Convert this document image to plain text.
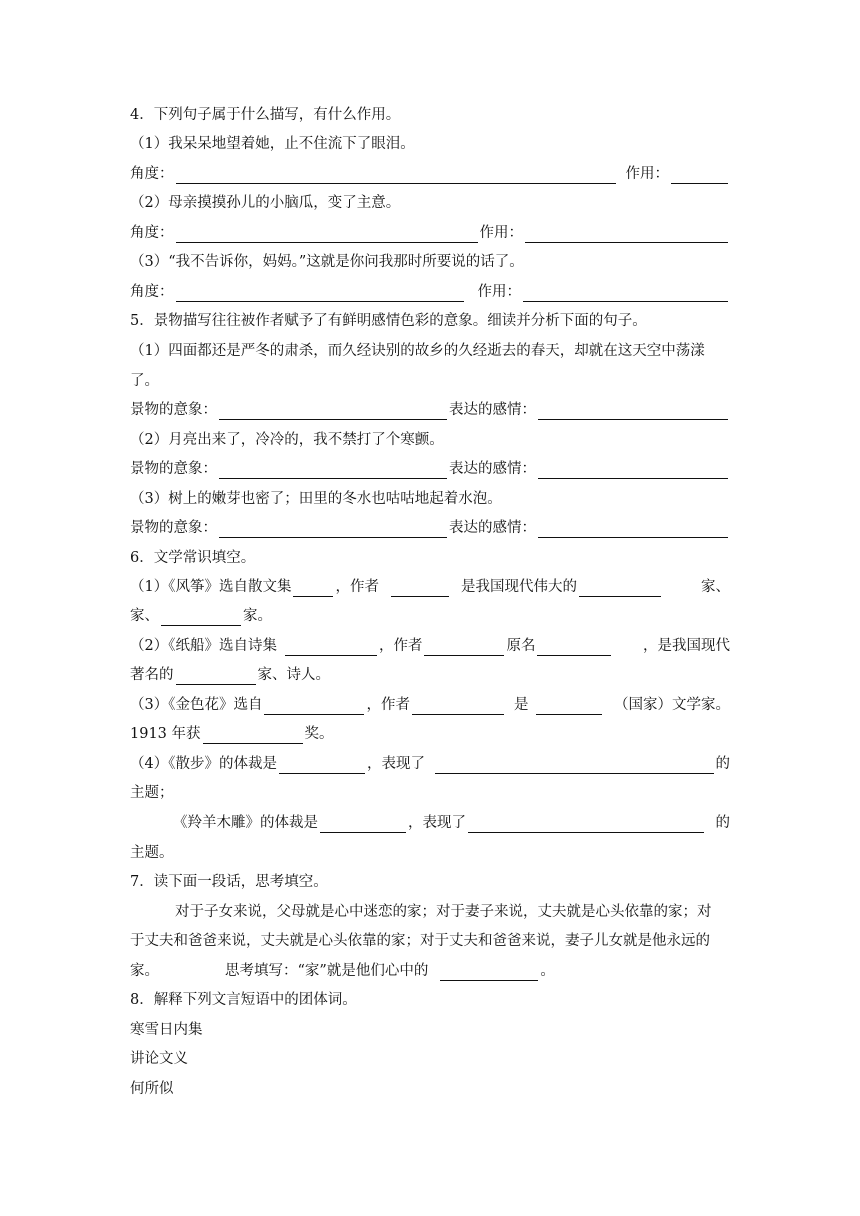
4．下列句子属于什么描写，有什么作用。
（1）我呆呆地望着她，止不住流下了眼泪。
角度：	作用：
（2）母亲摸摸孙儿的小脑瓜，变了主意。
角度：	作用：
（3）“我不告诉你，妈妈。”这就是你问我那时所要说的话了。
角度：	作用：
5．景物描写往往被作者赋予了有鲜明感情色彩的意象。细读并分析下面的句子。
（1）四面都还是严冬的肃杀，而久经诀别的故乡的久经逝去的春天，却就在这天空中荡漾
了。
景物的意象：	表达的感情：
（2）月亮出来了，冷冷的，我不禁打了个寒颤。
景物的意象：	表达的感情：
（3）树上的嫩芽也密了；田里的冬水也咕咕地起着水泡。
景物的意象：	表达的感情：
6．文学常识填空。
（1）《风筝》选自散文集	，作者	是我国现代伟大的	家、
家、	家。
（2）《纸船》选自诗集	，作者	原名	，是我国现代
著名的	家、诗人。
（3）《金色花》选自	，作者	是	（国家）文学家。
1913 年获	奖。
（4）《散步》的体裁是	，表现了	的
主题；
《羚羊木雕》的体裁是	，表现了	的
主题。
7．读下面一段话，思考填空。
对于子女来说，父母就是心中迷恋的家；对于妻子来说，丈夫就是心头依靠的家；对
于丈夫和爸爸来说，丈夫就是心头依靠的家；对于丈夫和爸爸来说，妻子儿女就是他永远的
家。	思考填写：“家”就是他们心中的	。
8．解释下列文言短语中的团体词。
寒雪日内集
讲论文义
何所似
